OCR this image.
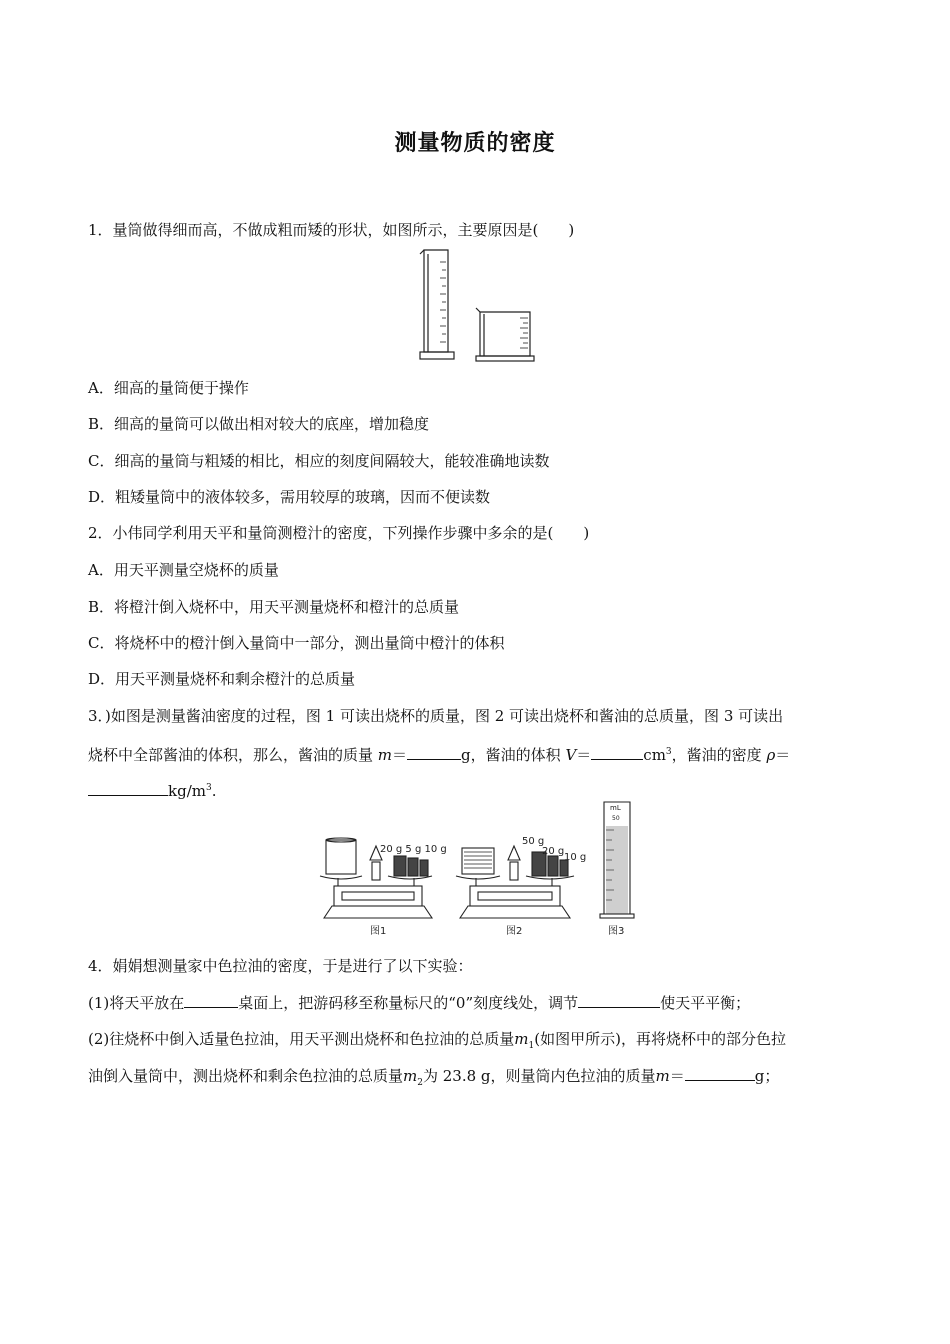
测量物质的密度
1．量筒做得细而高，不做成粗而矮的形状，如图所示，主要原因是(　　)
A．细高的量筒便于操作
B．细高的量筒可以做出相对较大的底座，增加稳度
C．细高的量筒与粗矮的相比，相应的刻度间隔较大，能较准确地读数
D．粗矮量筒中的液体较多，需用较厚的玻璃，因而不便读数
2．小伟同学利用天平和量筒测橙汁的密度，下列操作步骤中多余的是(　　)
A．用天平测量空烧杯的质量
B．将橙汁倒入烧杯中，用天平测量烧杯和橙汁的总质量
C．将烧杯中的橙汁倒入量筒中一部分，测出量筒中橙汁的体积
D．用天平测量烧杯和剩余橙汁的总质量
3．)如图是测量酱油密度的过程，图 1 可读出烧杯的质量，图 2 可读出烧杯和酱油的总质量，图 3 可读出
烧杯中全部酱油的体积，那么，酱油的质量 m＝	g，酱油的体积 V＝	$cm^3$，酱油的密度 ρ＝
$kg/m^3$.
20 g 5 g 10 g
图1
50 g
20 g
10 g
图2
mL
50
图3
4．娟娟想测量家中色拉油的密度，于是进行了以下实验：
(1)将天平放在	桌面上，把游码移至称量标尺的“0”刻度线处，调节	使天平平衡；
(2)往烧杯中倒入适量色拉油，用天平测出烧杯和色拉油的总质量$m_1$(如图甲所示)，再将烧杯中的部分色拉
油倒入量筒中，测出烧杯和剩余色拉油的总质量$m_2$为 23.8 g，则量筒内色拉油的质量m＝	g；
